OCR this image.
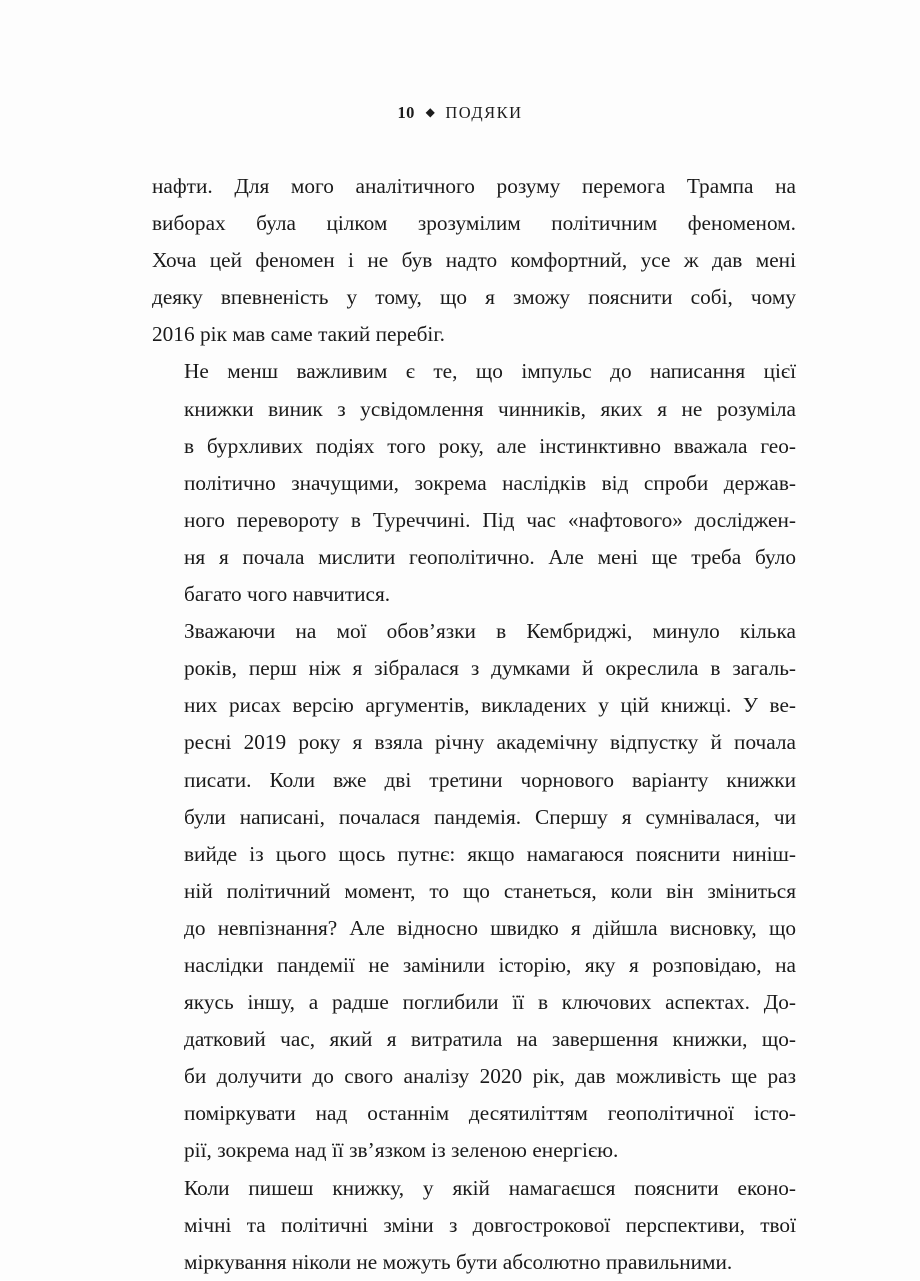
10 ◆ ПОДЯКИ

нафти. Для мого аналітичного розуму перемога Трампа на
виборах була цілком зрозумілим політичним феноменом.
Хоча цей феномен і не був надто комфортний, усе ж дав мені
деяку впевненість у тому, що я зможу пояснити собі, чому
2016 рік мав саме такий перебіг.

Не менш важливим є те, що імпульс до написання цієї
книжки виник з усвідомлення чинників, яких я не розуміла
в бурхливих подіях того року, але інстинктивно вважала гео-
політично значущими, зокрема наслідків від спроби держав-
ного перевороту в Туреччині. Під час «нафтового» досліджен-
ня я почала мислити геополітично. Але мені ще треба було
багато чого навчитися.

Зважаючи на мої обов’язки в Кембриджі, минуло кілька
років, перш ніж я зібралася з думками й окреслила в загаль-
них рисах версію аргументів, викладених у цій книжці. У ве-
ресні 2019 року я взяла річну академічну відпустку й почала
писати. Коли вже дві третини чорнового варіанту книжки
були написані, почалася пандемія. Спершу я сумнівалася, чи
вийде із цього щось путнє: якщо намагаюся пояснити ниніш-
ній політичний момент, то що станеться, коли він зміниться
до невпізнання? Але відносно швидко я дійшла висновку, що
наслідки пандемії не замінили історію, яку я розповідаю, на
якусь іншу, а радше поглибили її в ключових аспектах. До-
датковий час, який я витратила на завершення книжки, що-
би долучити до свого аналізу 2020 рік, дав можливість ще раз
поміркувати над останнім десятиліттям геополітичної істо-
рії, зокрема над її зв’язком із зеленою енергією.

Коли пишеш книжку, у якій намагаєшся пояснити еконо-
мічні та політичні зміни з довгострокової перспективи, твої
міркування ніколи не можуть бути абсолютно правильними.
